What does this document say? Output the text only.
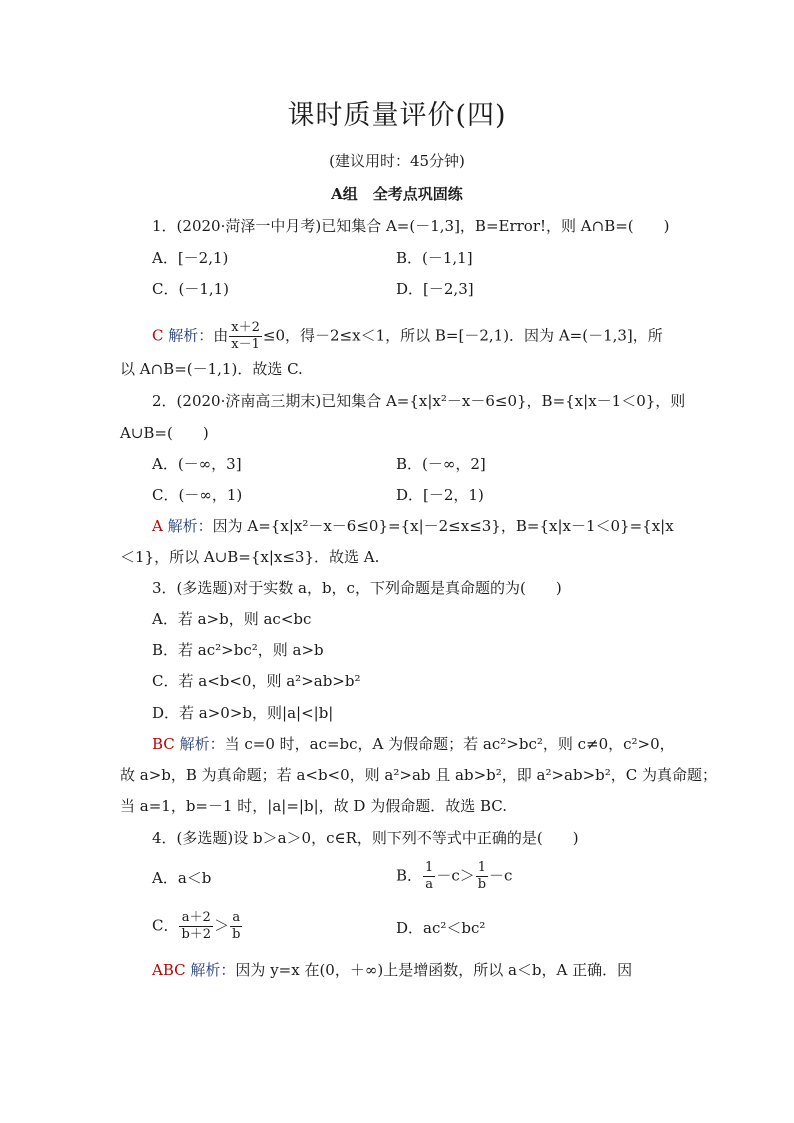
课时质量评价(四)
(建议用时：45分钟)
A组　全考点巩固练
1．(2020·菏泽一中月考)已知集合 A=(－1,3]，B=Error!，则 A∩B=(　　)
A．[－2,1)	B．(－1,1]
C．(－1,1)	D．[－2,3]
C 解析：由 $\frac{x+2}{x-1} \le 0$，得－2≤x＜1，所以 B=[－2,1)．因为 A=(－1,3]，所
以 A∩B=(－1,1)．故选 C.
2．(2020·济南高三期末)已知集合 A={x|x²－x－6≤0}，B={x|x－1＜0}，则
A∪B=(　　)
A．(－∞，3]	B．(－∞，2]
C．(－∞，1)	D．[－2，1)
A 解析：因为 A={x|x²－x－6≤0}={x|－2≤x≤3}，B={x|x－1＜0}={x|x
＜1}，所以 A∪B={x|x≤3}．故选 A.
3．(多选题)对于实数 a，b，c，下列命题是真命题的为(　　)
A．若 a>b，则 ac<bc
B．若 ac²>bc²，则 a>b
C．若 a<b<0，则 a²>ab>b²
D．若 a>0>b，则|a|<|b|
BC 解析：当 c=0 时，ac=bc，A 为假命题；若 ac²>bc²，则 c≠0，c²>0，
故 a>b，B 为真命题；若 a<b<0，则 a²>ab 且 ab>b²，即 a²>ab>b²，C 为真命题；
当 a=1，b=－1 时，|a|=|b|，故 D 为假命题．故选 BC.
4．(多选题)设 b＞a＞0，c∈R，则下列不等式中正确的是(　　)
A．a＜b	B． $\frac{1}{a} -c> \frac{1}{b} -c$
C． $\frac{a+2}{b+2} > \frac{a}{b}$	D．ac²＜bc²
ABC 解析：因为 y=x 在(0，＋∞)上是增函数，所以 a＜b，A 正确．因
